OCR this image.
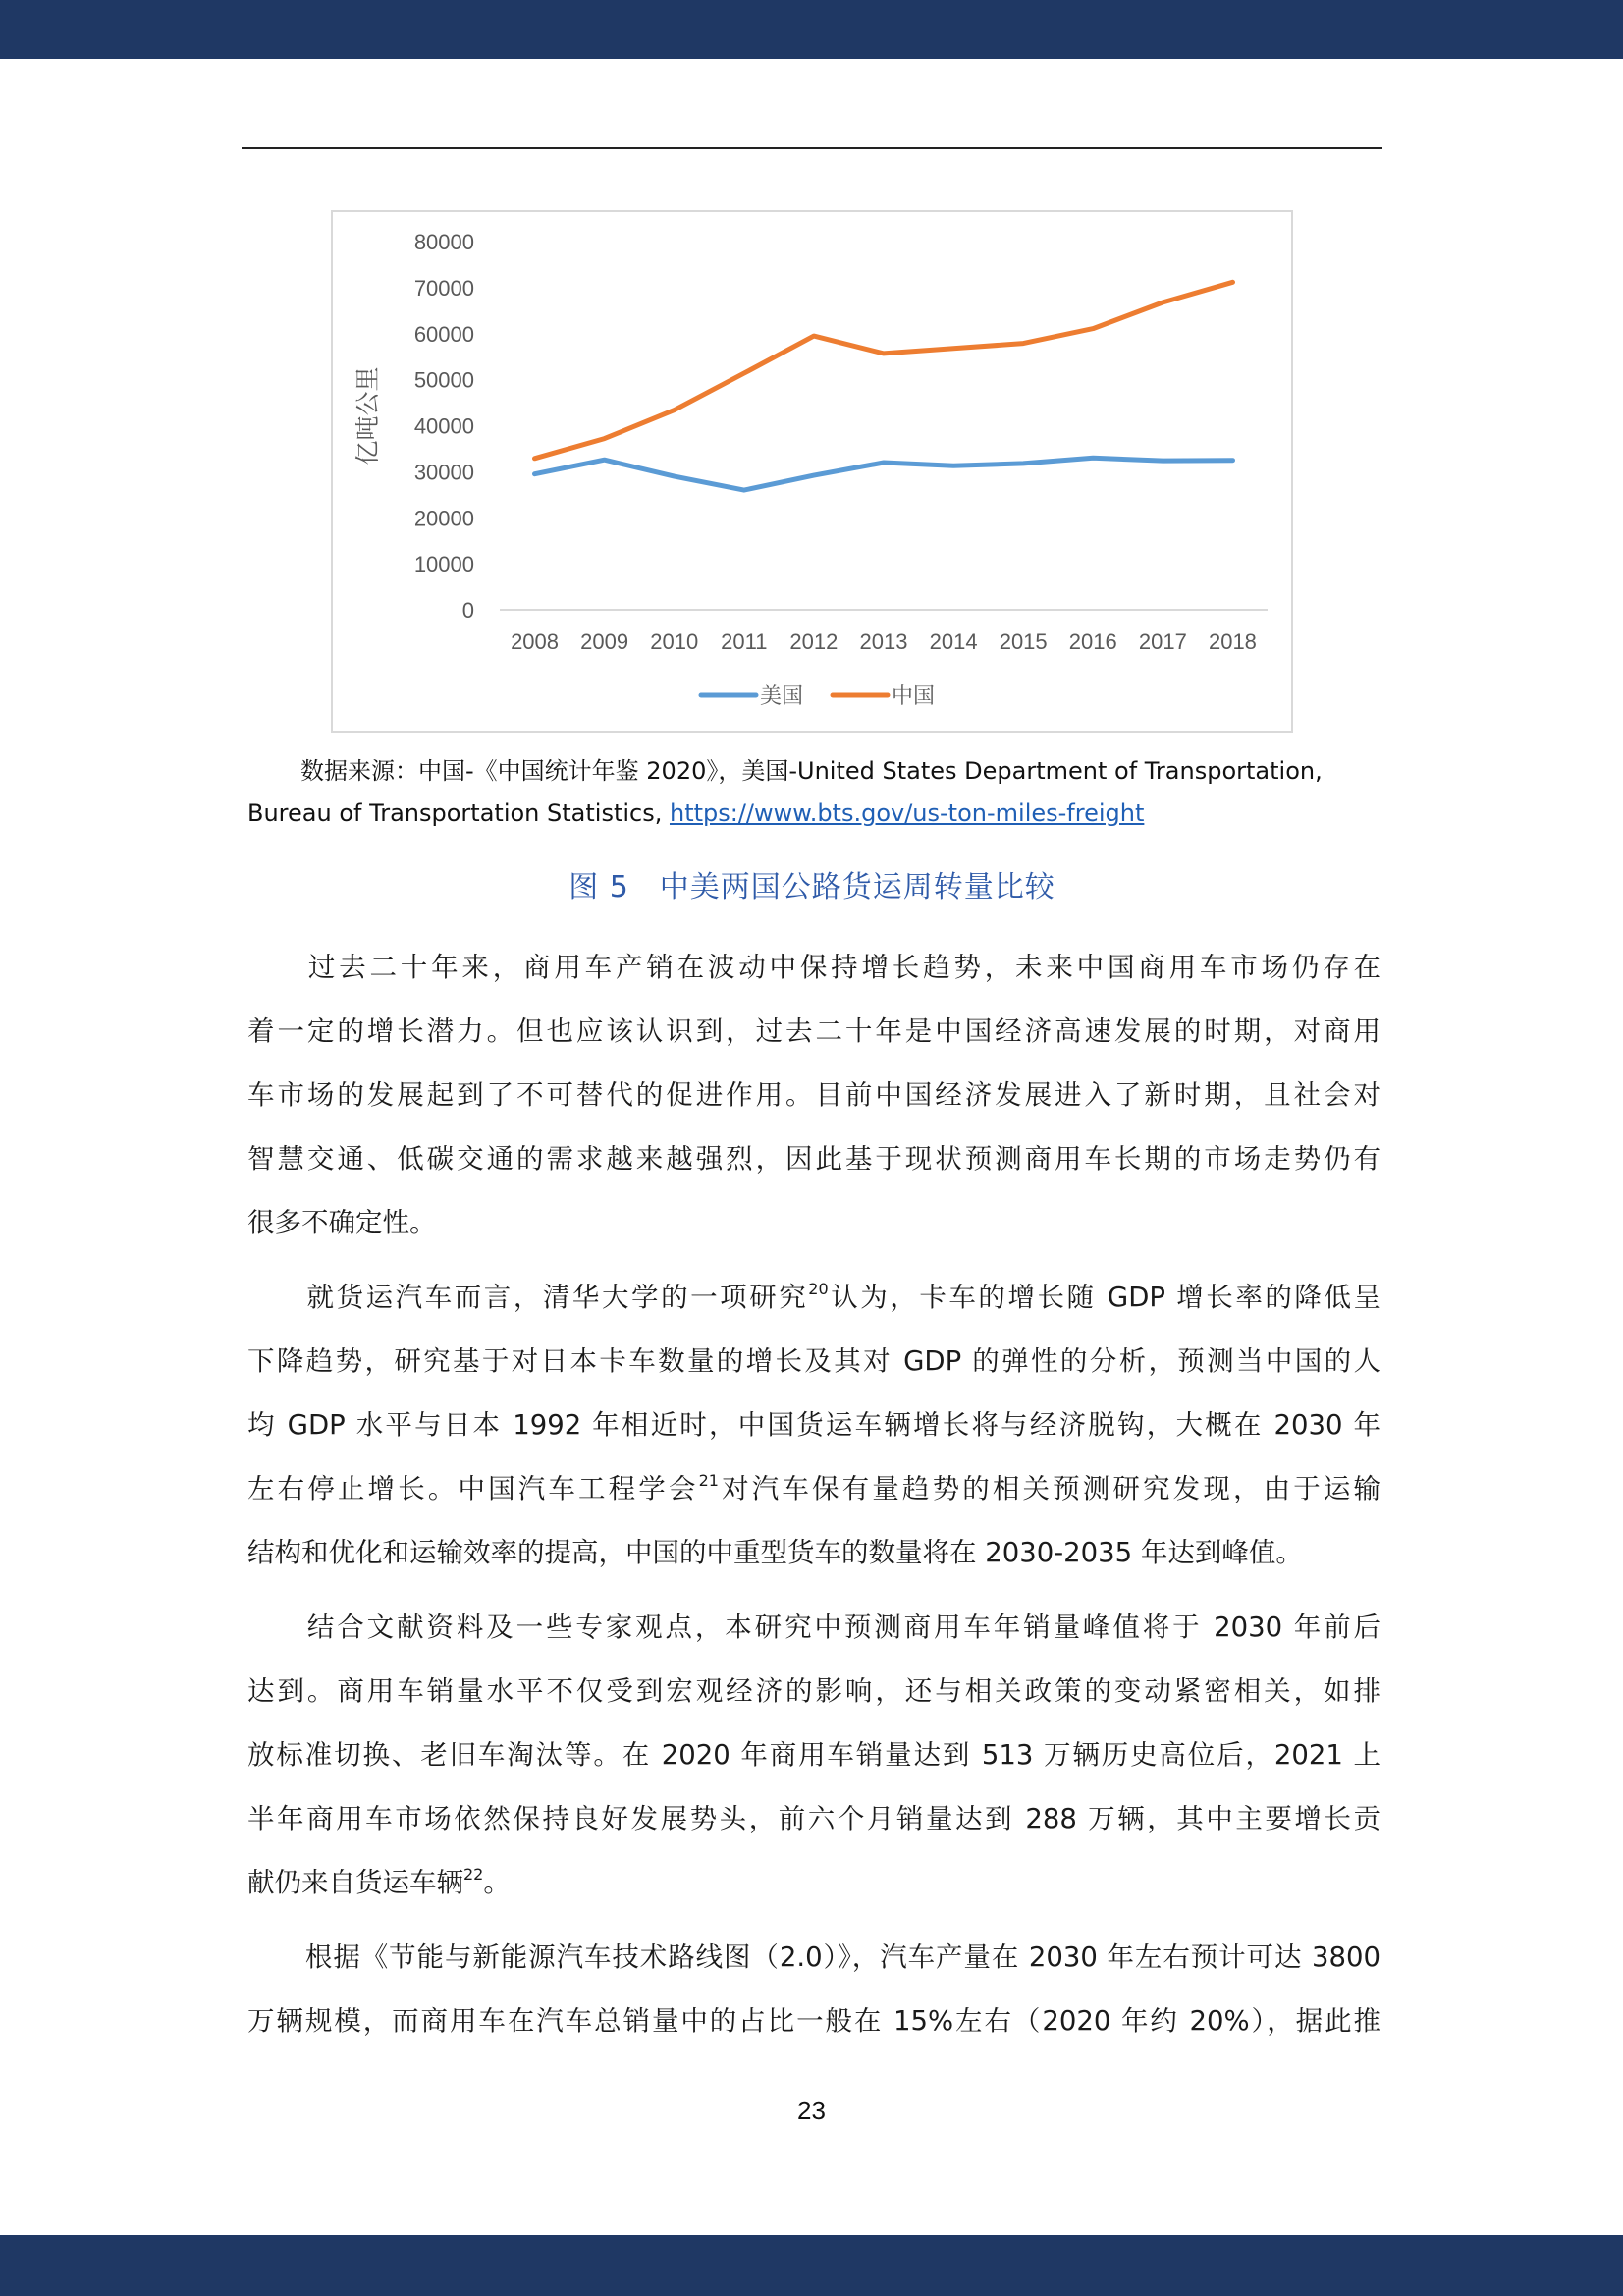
0
10000
20000
30000
40000
50000
60000
70000
80000
2008 2009 2010 2011 2012 2013 2014 2015 2016 2017 2018
亿吨公里
美国	中国
数据来源：中国-《中国统计年鉴 2020》，美国-United States Department of Transportation,
Bureau of Transportation Statistics, https://www.bts.gov/us-ton-miles-freight
图 5　中美两国公路货运周转量比较

过去二十年来，商用车产销在波动中保持增长趋势，未来中国商用车市场仍存在

着一定的增长潜力。但也应该认识到，过去二十年是中国经济高速发展的时期，对商用

车市场的发展起到了不可替代的促进作用。目前中国经济发展进入了新时期，且社会对

智慧交通、低碳交通的需求越来越强烈，因此基于现状预测商用车长期的市场走势仍有

很多不确定性。

就货运汽车而言，清华大学的一项研究$^{20}$认为，卡车的增长随 GDP 增长率的降低呈

下降趋势，研究基于对日本卡车数量的增长及其对 GDP 的弹性的分析，预测当中国的人

均 GDP 水平与日本 1992 年相近时，中国货运车辆增长将与经济脱钩，大概在 2030 年

左右停止增长。中国汽车工程学会$^{21}$对汽车保有量趋势的相关预测研究发现，由于运输

结构和优化和运输效率的提高，中国的中重型货车的数量将在 2030-2035 年达到峰值。

结合文献资料及一些专家观点，本研究中预测商用车年销量峰值将于 2030 年前后

达到。商用车销量水平不仅受到宏观经济的影响，还与相关政策的变动紧密相关，如排

放标准切换、老旧车淘汰等。在 2020 年商用车销量达到 513 万辆历史高位后，2021 上

半年商用车市场依然保持良好发展势头，前六个月销量达到 288 万辆，其中主要增长贡

献仍来自货运车辆$^{22}$。

根据《节能与新能源汽车技术路线图（2.0）》，汽车产量在 2030 年左右预计可达 3800

万辆规模，而商用车在汽车总销量中的占比一般在 15%左右（2020 年约 20%），据此推

23
